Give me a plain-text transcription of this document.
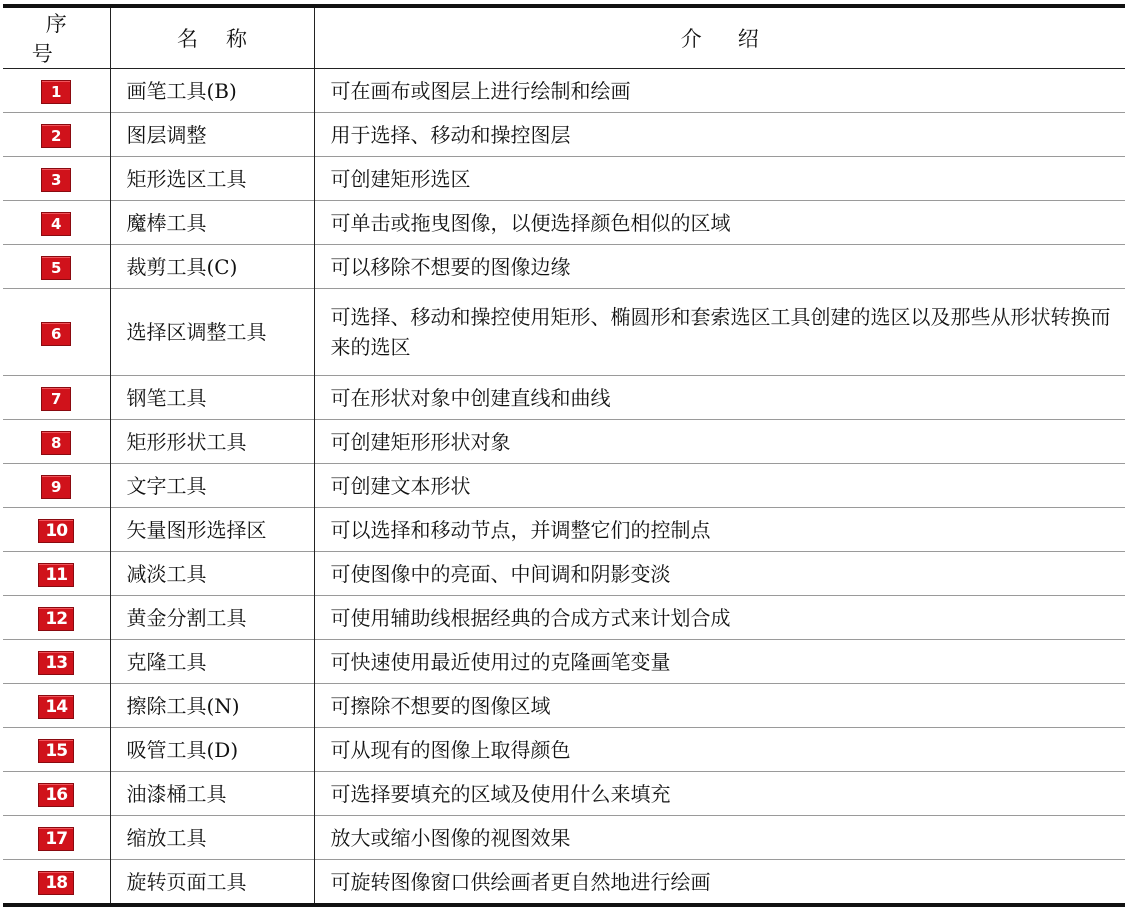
序号	名称	介绍
1	画笔工具(B)	可在画布或图层上进行绘制和绘画
2	图层调整	用于选择、移动和操控图层
3	矩形选区工具	可创建矩形选区
4	魔棒工具	可单击或拖曳图像，以便选择颜色相似的区域
5	裁剪工具(C)	可以移除不想要的图像边缘
6	选择区调整工具	可选择、移动和操控使用矩形、椭圆形和套索选区工具创建的选区以及那些从形状转换而来的选区
7	钢笔工具	可在形状对象中创建直线和曲线
8	矩形形状工具	可创建矩形形状对象
9	文字工具	可创建文本形状
10	矢量图形选择区	可以选择和移动节点，并调整它们的控制点
11	减淡工具	可使图像中的亮面、中间调和阴影变淡
12	黄金分割工具	可使用辅助线根据经典的合成方式来计划合成
13	克隆工具	可快速使用最近使用过的克隆画笔变量
14	擦除工具(N)	可擦除不想要的图像区域
15	吸管工具(D)	可从现有的图像上取得颜色
16	油漆桶工具	可选择要填充的区域及使用什么来填充
17	缩放工具	放大或缩小图像的视图效果
18	旋转页面工具	可旋转图像窗口供绘画者更自然地进行绘画
